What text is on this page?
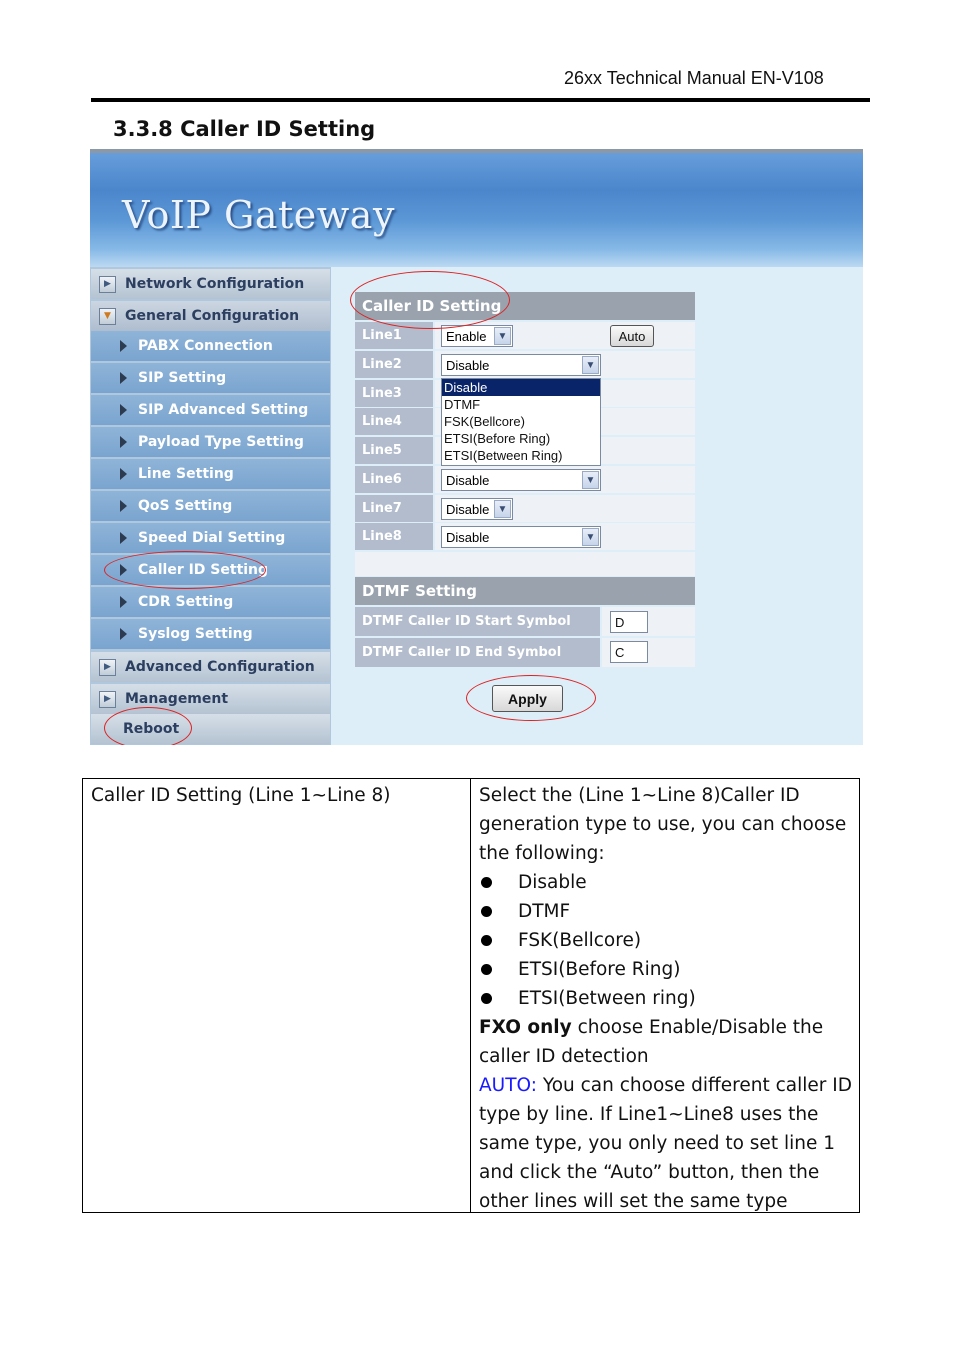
26xx Technical Manual EN-V108
3.3.8 Caller ID Setting
VoIP Gateway
▶	Network Configuration
▼	General Configuration
PABX Connection
SIP Setting
SIP Advanced Setting
Payload Type Setting
Line Setting
QoS Setting
Speed Dial Setting
Caller ID Setting
CDR Setting
Syslog Setting
▶	Advanced Configuration
▶	Management
Reboot
Caller ID Setting
Line1	Enable	▼	Auto
Line2	Disable	▼
Line3
Line4
Line5
Disable
DTMF
FSK(Bellcore)
ETSI(Before Ring)
ETSI(Between Ring)
Line6	Disable	▼
Line7	Disable ▼
Line8	Disable	▼
DTMF Setting
DTMF Caller ID Start Symbol	D
DTMF Caller ID End Symbol	C
Apply
Caller ID Setting (Line 1~Line 8)	Select the (Line 1~Line 8)Caller ID generation type to use, you can choose the following:
Disable
DTMF
FSK(Bellcore)
ETSI(Before Ring)
ETSI(Between ring)
FXO only choose Enable/Disable the caller ID detection
AUTO: You can choose different caller ID type by line. If Line1~Line8 uses the same type, you only need to set line 1 and click the “Auto” button, then the other lines will set the same type
